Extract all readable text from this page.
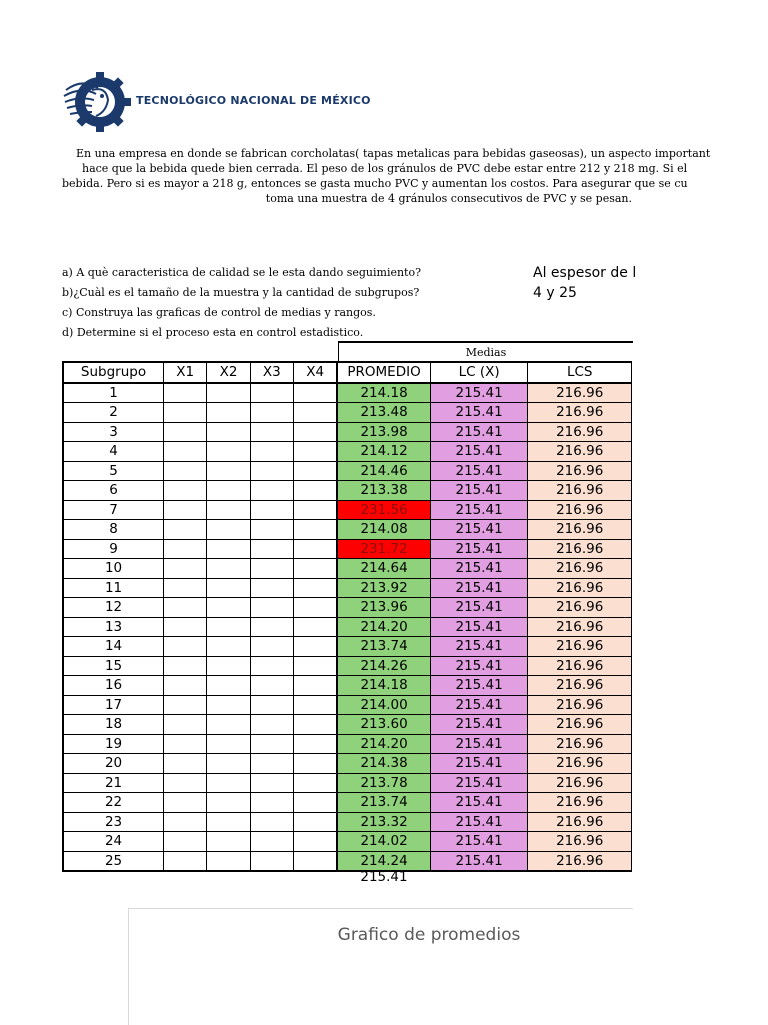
TECNOLÓGICO NACIONAL DE MÉXICO
En una empresa en donde se fabrican corcholatas( tapas metalicas para bebidas gaseosas), un aspecto important
hace que la bebida quede bien cerrada. El peso de los gránulos de PVC debe estar entre 212 y 218 mg. Si el
bebida. Pero si es mayor a 218 g, entonces se gasta mucho PVC y aumentan los costos. Para asegurar que se cu
toma una muestra de 4 gránulos consecutivos de PVC y se pesan.
a) A què caracteristica de calidad se le esta dando seguimiento?
b)¿Cuàl es el tamaño de la muestra y la cantidad de subgrupos?
c) Construya las graficas de control de medias y rangos.
d) Determine si el proceso esta en control estadistico.
Al espesor de l
4 y 25
Medias
Subgrupo	X1	X2	X3	X4	PROMEDIO	LC (X)	LCS
1					214.18	215.41	216.96
2					213.48	215.41	216.96
3					213.98	215.41	216.96
4					214.12	215.41	216.96
5					214.46	215.41	216.96
6					213.38	215.41	216.96
7					231.56	215.41	216.96
8					214.08	215.41	216.96
9					231.72	215.41	216.96
10					214.64	215.41	216.96
11					213.92	215.41	216.96
12					213.96	215.41	216.96
13					214.20	215.41	216.96
14					213.74	215.41	216.96
15					214.26	215.41	216.96
16					214.18	215.41	216.96
17					214.00	215.41	216.96
18					213.60	215.41	216.96
19					214.20	215.41	216.96
20					214.38	215.41	216.96
21					213.78	215.41	216.96
22					213.74	215.41	216.96
23					213.32	215.41	216.96
24					214.02	215.41	216.96
25					214.24	215.41	216.96
215.41
Grafico de promedios
